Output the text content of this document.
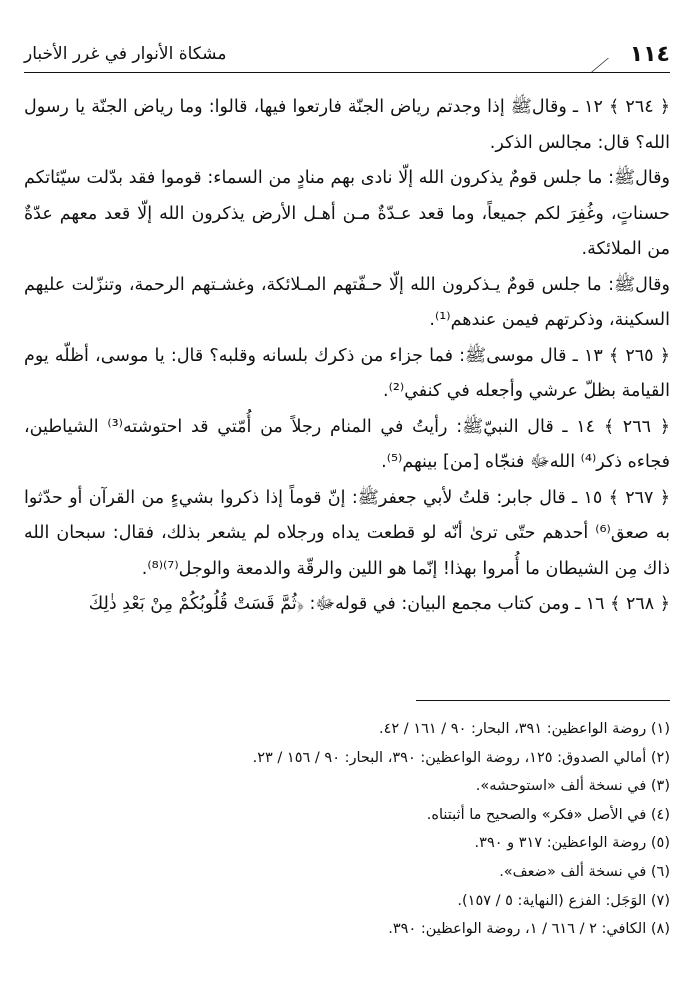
١١٤
مشكاة الأنوار في غرر الأخبار

﴿ ٢٦٤ ﴾ ١٢ ـ وقالﷺ إذا وجدتم رياض الجنّة فارتعوا فيها، قالوا: وما رياض الجنّة يا رسول الله؟ قال: مجالس الذكر.

وقالﷺ: ما جلس قومٌ يذكرون الله إلّا نادى بهم منادٍ من السماء: قوموا فقد بدّلت سيّئاتكم حسناتٍ، وغُفِرَ لكم جميعاً، وما قعد عـدّةٌ مـن أهـل الأرض يذكرون الله إلّا قعد معهم عدّةٌ من الملائكة.

وقالﷺ: ما جلس قومٌ يـذكرون الله إلّا حـفّتهم المـلائكة، وغشـتهم الرحمة، وتنزّلت عليهم السكينة، وذكرتهم فيمن عندهم⁽¹⁾.

﴿ ٢٦٥ ﴾ ١٣ ـ قال موسىﷺ: فما جزاء من ذكرك بلسانه وقلبه؟ قال: يا موسى، أظلّه يوم القيامة بظلّ عرشي وأجعله في كنفي⁽²⁾.

﴿ ٢٦٦ ﴾ ١٤ ـ قال النبيّﷺ: رأيتُ في المنام رجلاً من أُمّتي قد احتوشته⁽³⁾ الشياطين، فجاءه ذكر⁽⁴⁾ اللهﷻ فنجّاه [من] بينهم⁽⁵⁾.

﴿ ٢٦٧ ﴾ ١٥ ـ قال جابر: قلتُ لأبي جعفرﷺ: إنّ قوماً إذا ذكروا بشيءٍ من القرآن أو حدّثوا به صعق⁽⁶⁾ أحدهم حتّى ترىٰ أنّه لو قطعت يداه ورجلاه لم يشعر بذلك، فقال: سبحان الله ذاك مِن الشيطان ما أُمروا بهذا! إنّما هو اللين والرقّة والدمعة والوجل⁽⁷⁾⁽⁸⁾.

﴿ ٢٦٨ ﴾ ١٦ ـ ومن كتاب مجمع البيان: في قولهﷻ: ﴿ثُمَّ قَسَتْ قُلُوبُكُمْ مِنْ بَعْدِ ذٰلِكَ

(١) روضة الواعظين: ٣٩١، البحار: ٩٠ / ١٦١ / ٤٢.
(٢) أمالي الصدوق: ١٢٥، روضة الواعظين: ٣٩٠، البحار: ٩٠ / ١٥٦ / ٢٣.
(٣) في نسخة ألف «استوحشه».
(٤) في الأصل «فكر» والصحيح ما أثبتناه.
(٥) روضة الواعظين: ٣١٧ و ٣٩٠.
(٦) في نسخة ألف «ضعف».
(٧) الوَجَل: الفزع (النهاية: ٥ / ١٥٧).
(٨) الكافي: ٢ / ٦١٦ / ١، روضة الواعظين: ٣٩٠.
